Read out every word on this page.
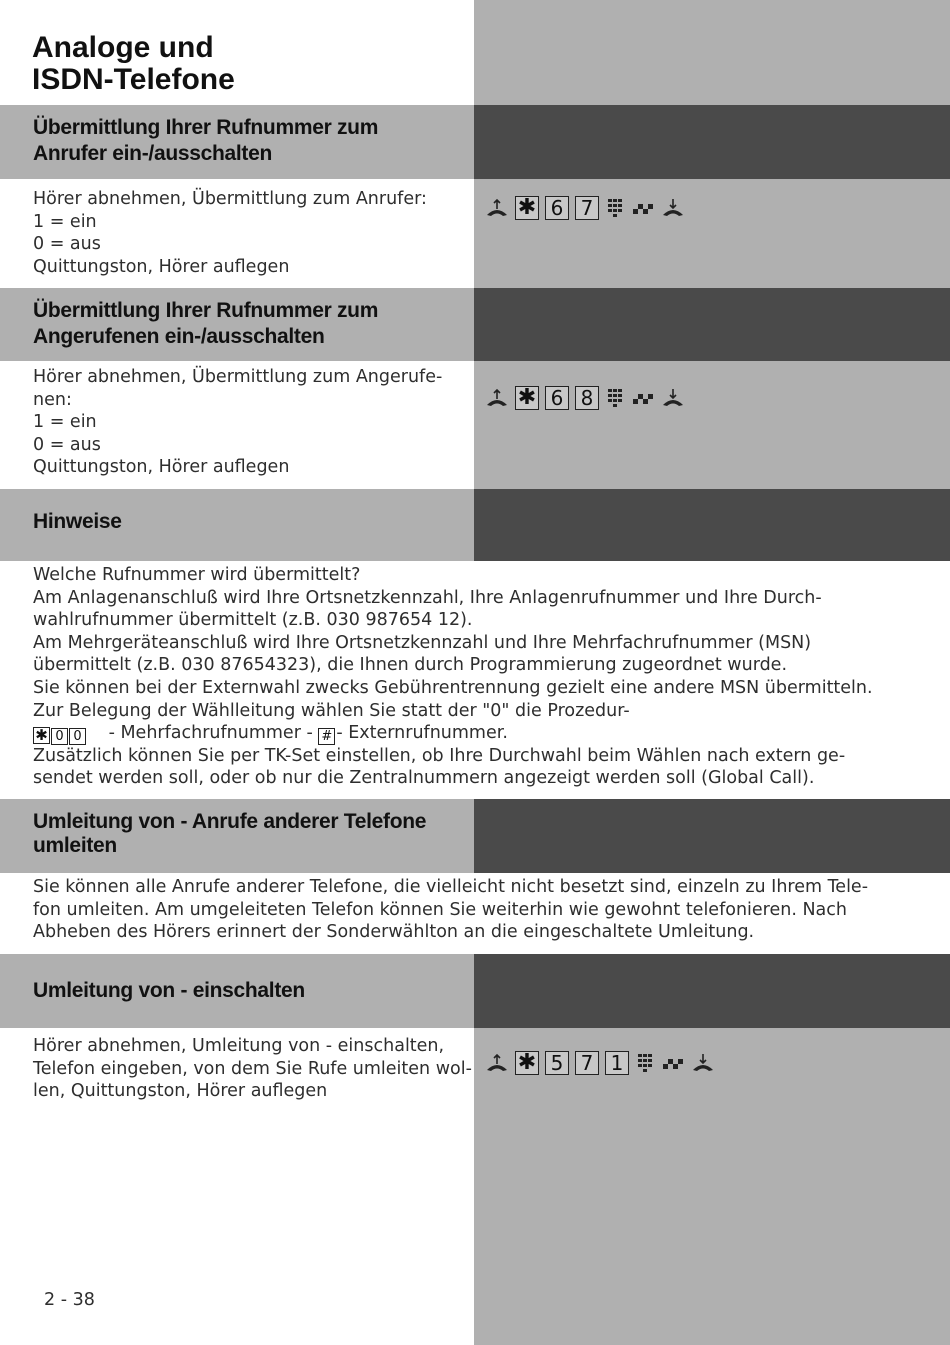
Analoge und
ISDN-Telefone
Übermittlung Ihrer Rufnummer zum
Anrufer ein-/ausschalten
Hörer abnehmen, Übermittlung zum Anrufer:
1 = ein
0 = aus
Quittungston, Hörer auflegen
✱ 6 7
Übermittlung Ihrer Rufnummer zum
Angerufenen ein-/ausschalten
Hörer abnehmen, Übermittlung zum Angerufe-
nen:
1 = ein
0 = aus
Quittungston, Hörer auflegen
✱ 6 8
Hinweise
Welche Rufnummer wird übermittelt?
Am Anlagenanschluß wird Ihre Ortsnetzkennzahl, Ihre Anlagenrufnummer und Ihre Durch-
wahlrufnummer übermittelt (z.B. 030 987654 12).
Am Mehrgeräteanschluß wird Ihre Ortsnetzkennzahl und Ihre Mehrfachrufnummer (MSN)
übermittelt (z.B. 030 87654323), die Ihnen durch Programmierung zugeordnet wurde.
Sie können bei der Externwahl zwecks Gebührentrennung gezielt eine andere MSN übermitteln.
Zur Belegung der Wählleitung wählen Sie statt der "0" die Prozedur-
✱ 0 0 - Mehrfachrufnummer - # - Externrufnummer.
Zusätzlich können Sie per TK-Set einstellen, ob Ihre Durchwahl beim Wählen nach extern ge-
sendet werden soll, oder ob nur die Zentralnummern angezeigt werden soll (Global Call).
Umleitung von - Anrufe anderer Telefone
umleiten
Sie können alle Anrufe anderer Telefone, die vielleicht nicht besetzt sind, einzeln zu Ihrem Tele-
fon umleiten. Am umgeleiteten Telefon können Sie weiterhin wie gewohnt telefonieren. Nach
Abheben des Hörers erinnert der Sonderwählton an die eingeschaltete Umleitung.
Umleitung von - einschalten
Hörer abnehmen, Umleitung von - einschalten,
Telefon eingeben, von dem Sie Rufe umleiten wol-
len, Quittungston, Hörer auflegen
✱ 5 7 1
2 - 38
